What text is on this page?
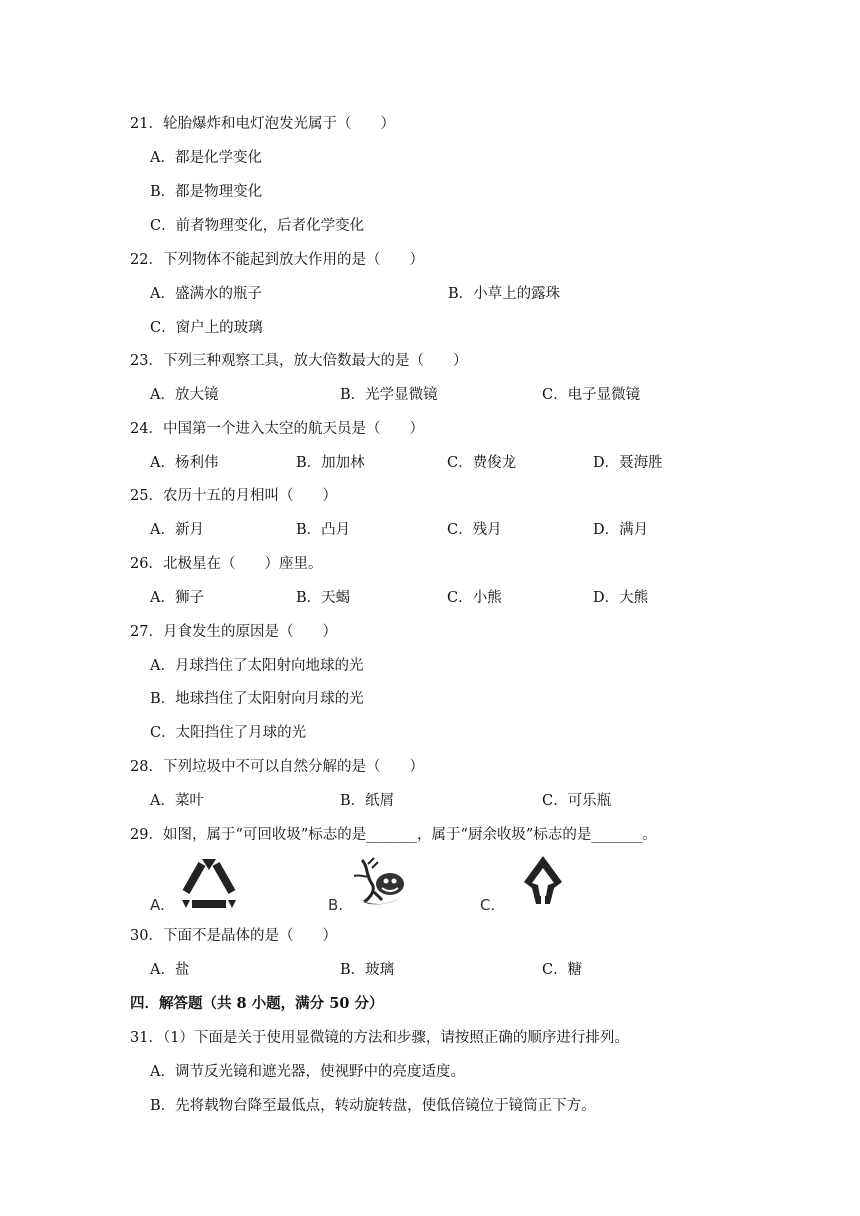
21．轮胎爆炸和电灯泡发光属于（　　）
A．都是化学变化
B．都是物理变化
C．前者物理变化，后者化学变化
22．下列物体不能起到放大作用的是（　　）
A．盛满水的瓶子	B．小草上的露珠
C．窗户上的玻璃
23．下列三种观察工具，放大倍数最大的是（　　）
A．放大镜	B．光学显微镜	C．电子显微镜
24．中国第一个进入太空的航天员是（　　）
A．杨利伟	B．加加林	C．费俊龙	D．聂海胜
25．农历十五的月相叫（　　）
A．新月	B．凸月	C．残月	D．满月
26．北极星在（　　）座里。
A．狮子	B．天蝎	C．小熊	D．大熊
27．月食发生的原因是（　　）
A．月球挡住了太阳射向地球的光
B．地球挡住了太阳射向月球的光
C．太阳挡住了月球的光
28．下列垃圾中不可以自然分解的是（　　）
A．菜叶	B．纸屑	C．可乐瓶
29．如图，属于“可回收圾”标志的是_______，属于“厨余收圾”标志的是_______。
A.	B.	C.
30．下面不是晶体的是（　　）
A．盐	B．玻璃	C．糖
四．解答题（共 8 小题，满分 50 分）
31．（1）下面是关于使用显微镜的方法和步骤，请按照正确的顺序进行排列。
A．调节反光镜和遮光器，使视野中的亮度适度。
B．先将载物台降至最低点，转动旋转盘，使低倍镜位于镜筒正下方。
